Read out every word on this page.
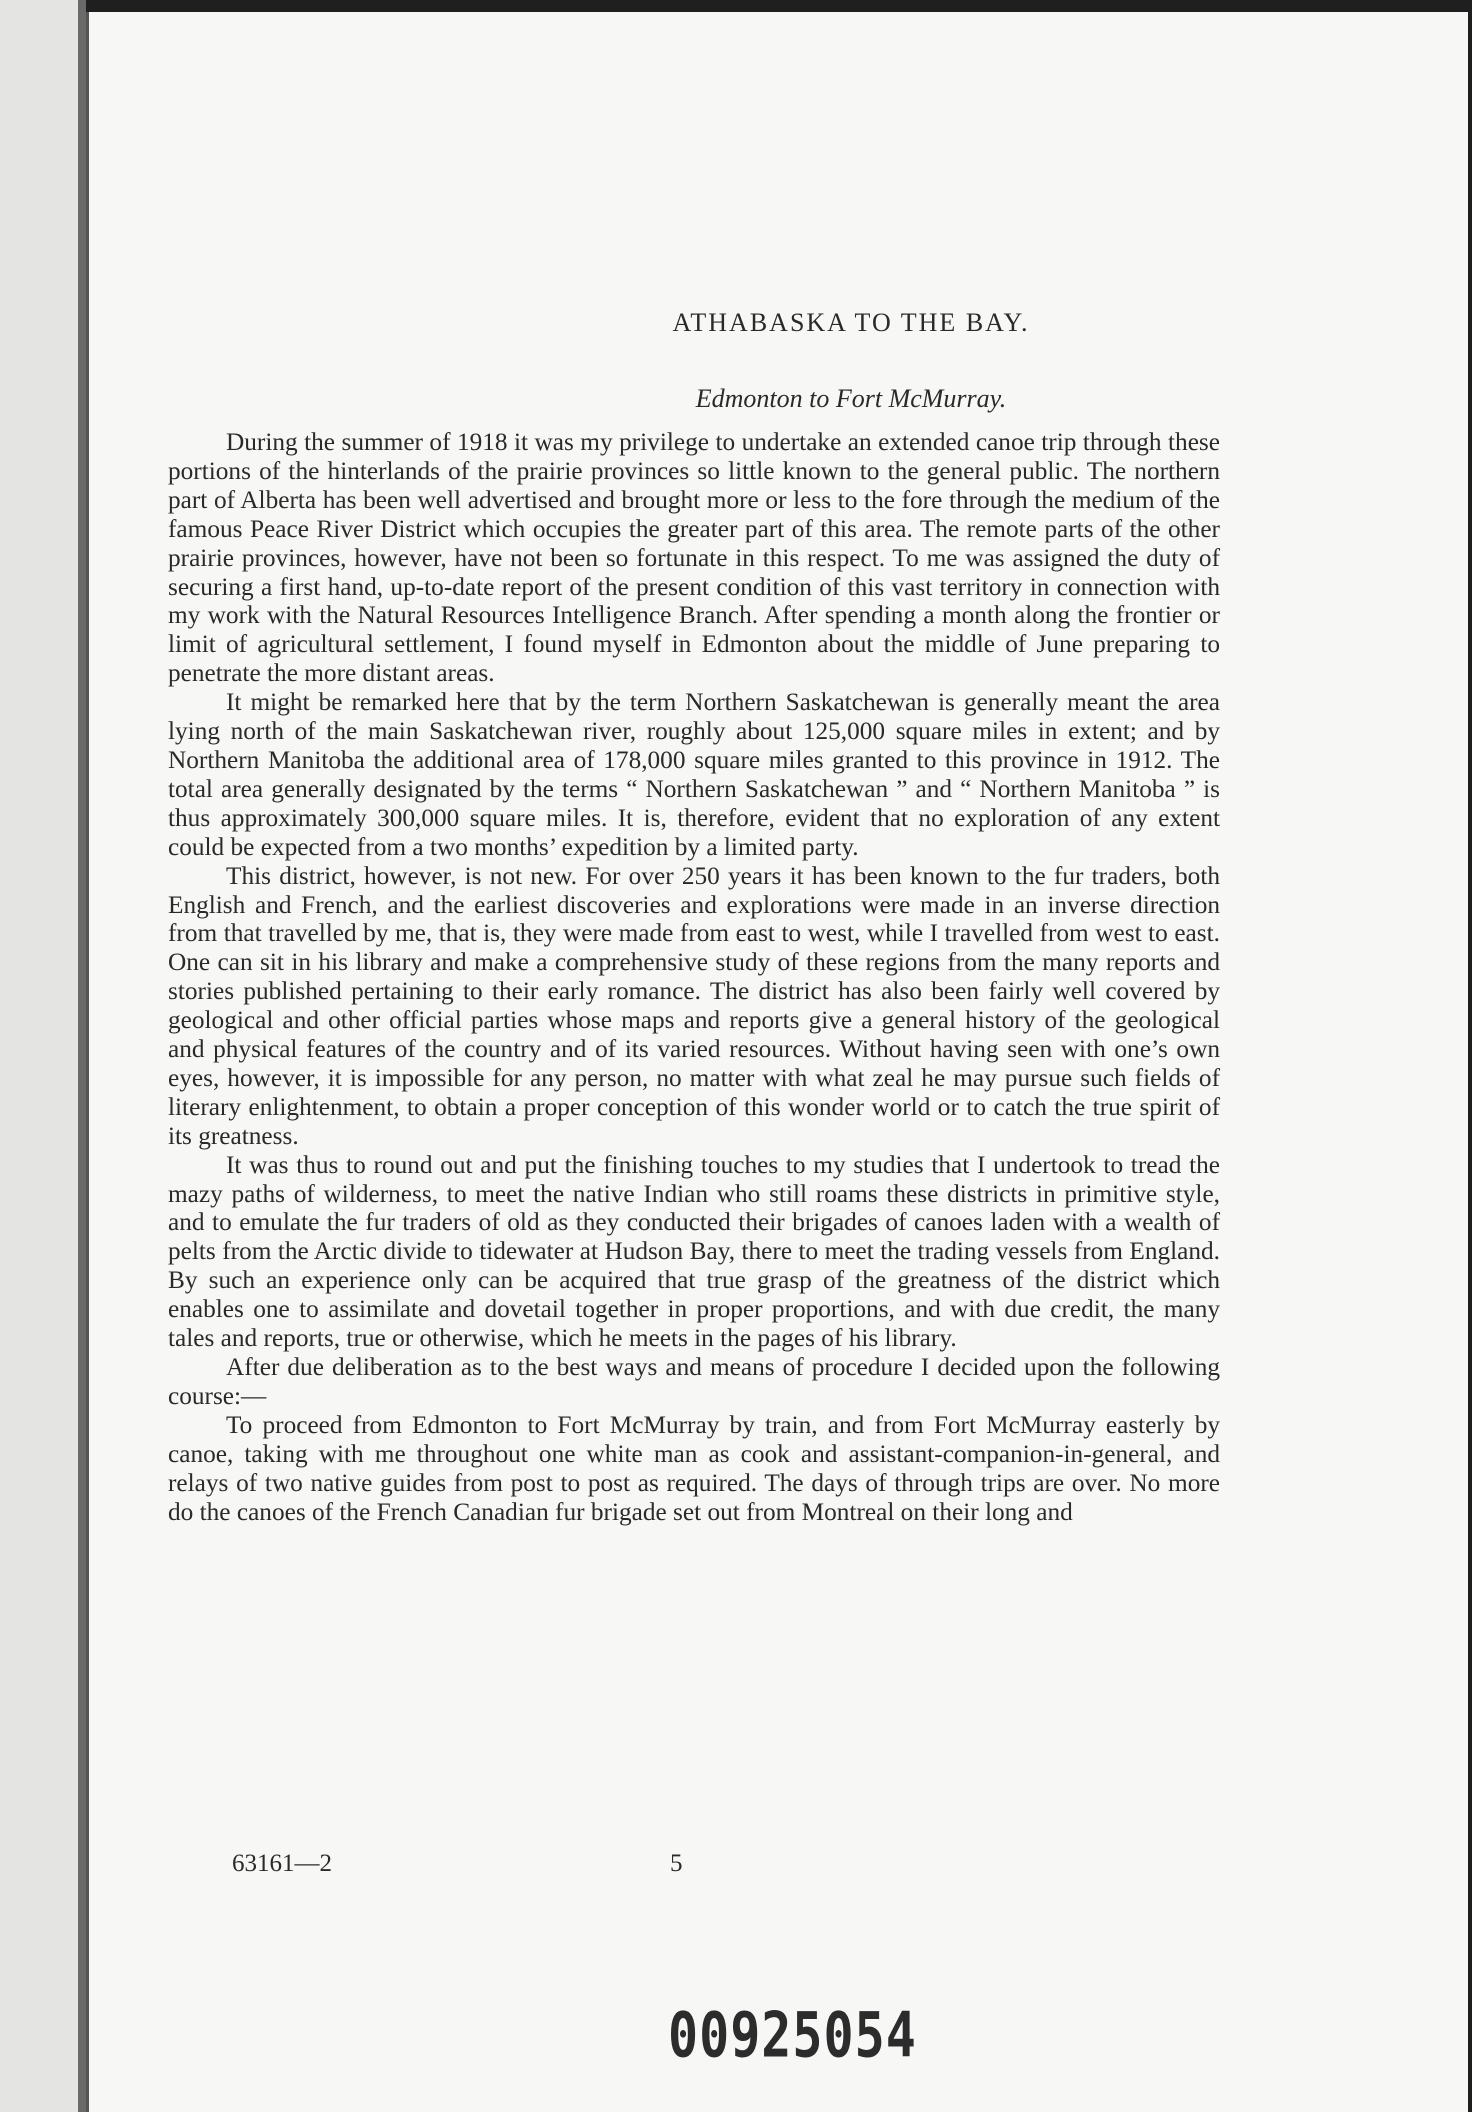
ATHABASKA TO THE BAY.
Edmonton to Fort McMurray.

During the summer of 1918 it was my privilege to undertake an extended canoe trip through these portions of the hinterlands of the prairie provinces so little known to the general public. The northern part of Alberta has been well advertised and brought more or less to the fore through the medium of the famous Peace River District which occupies the greater part of this area. The remote parts of the other prairie provinces, however, have not been so fortunate in this respect. To me was assigned the duty of securing a first hand, up-to-date report of the present condition of this vast territory in connection with my work with the Natural Resources Intelligence Branch. After spending a month along the frontier or limit of agricultural settlement, I found myself in Edmonton about the middle of June preparing to penetrate the more distant areas.

It might be remarked here that by the term Northern Saskatchewan is generally meant the area lying north of the main Saskatchewan river, roughly about 125,000 square miles in extent; and by Northern Manitoba the additional area of 178,000 square miles granted to this province in 1912. The total area generally designated by the terms “ Northern Saskatchewan ” and “ Northern Manitoba ” is thus approximately 300,000 square miles. It is, therefore, evident that no exploration of any extent could be expected from a two months’ expedition by a limited party.

This district, however, is not new. For over 250 years it has been known to the fur traders, both English and French, and the earliest discoveries and explorations were made in an inverse direction from that travelled by me, that is, they were made from east to west, while I travelled from west to east. One can sit in his library and make a comprehensive study of these regions from the many reports and stories published pertaining to their early romance. The district has also been fairly well covered by geological and other official parties whose maps and reports give a general history of the geological and physical features of the country and of its varied resources. Without having seen with one’s own eyes, however, it is impossible for any person, no matter with what zeal he may pursue such fields of literary enlightenment, to obtain a proper conception of this wonder world or to catch the true spirit of its greatness.

It was thus to round out and put the finishing touches to my studies that I undertook to tread the mazy paths of wilderness, to meet the native Indian who still roams these districts in primitive style, and to emulate the fur traders of old as they conducted their brigades of canoes laden with a wealth of pelts from the Arctic divide to tidewater at Hudson Bay, there to meet the trading vessels from England. By such an experience only can be acquired that true grasp of the greatness of the district which enables one to assimilate and dovetail together in proper proportions, and with due credit, the many tales and reports, true or otherwise, which he meets in the pages of his library.

After due deliberation as to the best ways and means of procedure I decided upon the following course:—

To proceed from Edmonton to Fort McMurray by train, and from Fort McMurray easterly by canoe, taking with me throughout one white man as cook and assistant-companion-in-general, and relays of two native guides from post to post as required. The days of through trips are over. No more do the canoes of the French Canadian fur brigade set out from Montreal on their long and

63161—2	5
00925054
